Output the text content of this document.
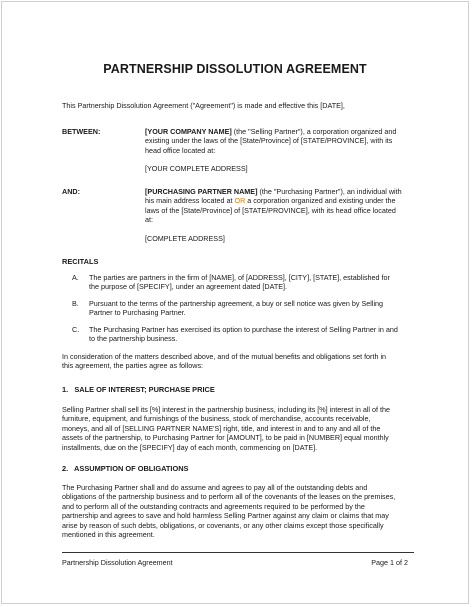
PARTNERSHIP DISSOLUTION AGREEMENT
This Partnership Dissolution Agreement ("Agreement") is made and effective this [DATE],
BETWEEN:	[YOUR COMPANY NAME] (the "Selling Partner"), a corporation organized and
existing under the laws of the [State/Province] of [STATE/PROVINCE], with its
head office located at:
[YOUR COMPLETE ADDRESS]
AND:	[PURCHASING PARTNER NAME] (the "Purchasing Partner"), an individual with
his main address located at OR a corporation organized and existing under the
laws of the [State/Province] of [STATE/PROVINCE], with its head office located
at:
[COMPLETE ADDRESS]
RECITALS
A. The parties are partners in the firm of [NAME], of [ADDRESS], [CITY], [STATE], established for
the purpose of [SPECIFY], under an agreement dated [DATE].
B. Pursuant to the terms of the partnership agreement, a buy or sell notice was given by Selling
Partner to Purchasing Partner.
C. The Purchasing Partner has exercised its option to purchase the interest of Selling Partner in and
to the partnership business.
In consideration of the matters described above, and of the mutual benefits and obligations set forth in
this agreement, the parties agree as follows:
1.   SALE OF INTEREST; PURCHASE PRICE
Selling Partner shall sell its [%] interest in the partnership business, including its [%] interest in all of the
furniture, equipment, and furnishings of the business, stock of merchandise, accounts receivable,
moneys, and all of [SELLING PARTNER NAME'S] right, title, and interest in and to any and all of the
assets of the partnership, to Purchasing Partner for [AMOUNT], to be paid in [NUMBER] equal monthly
installments, due on the [SPECIFY] day of each month, commencing on [DATE].
2.   ASSUMPTION OF OBLIGATIONS
The Purchasing Partner shall and do assume and agrees to pay all of the outstanding debts and
obligations of the partnership business and to perform all of the covenants of the leases on the premises,
and to perform all of the outstanding contracts and agreements required to be performed by the
partnership and agrees to save and hold harmless Selling Partner against any claim or claims that may
arise by reason of such debts, obligations, or covenants, or any other claims except those specifically
mentioned in this agreement.
Partnership Dissolution Agreement	Page 1 of 2
